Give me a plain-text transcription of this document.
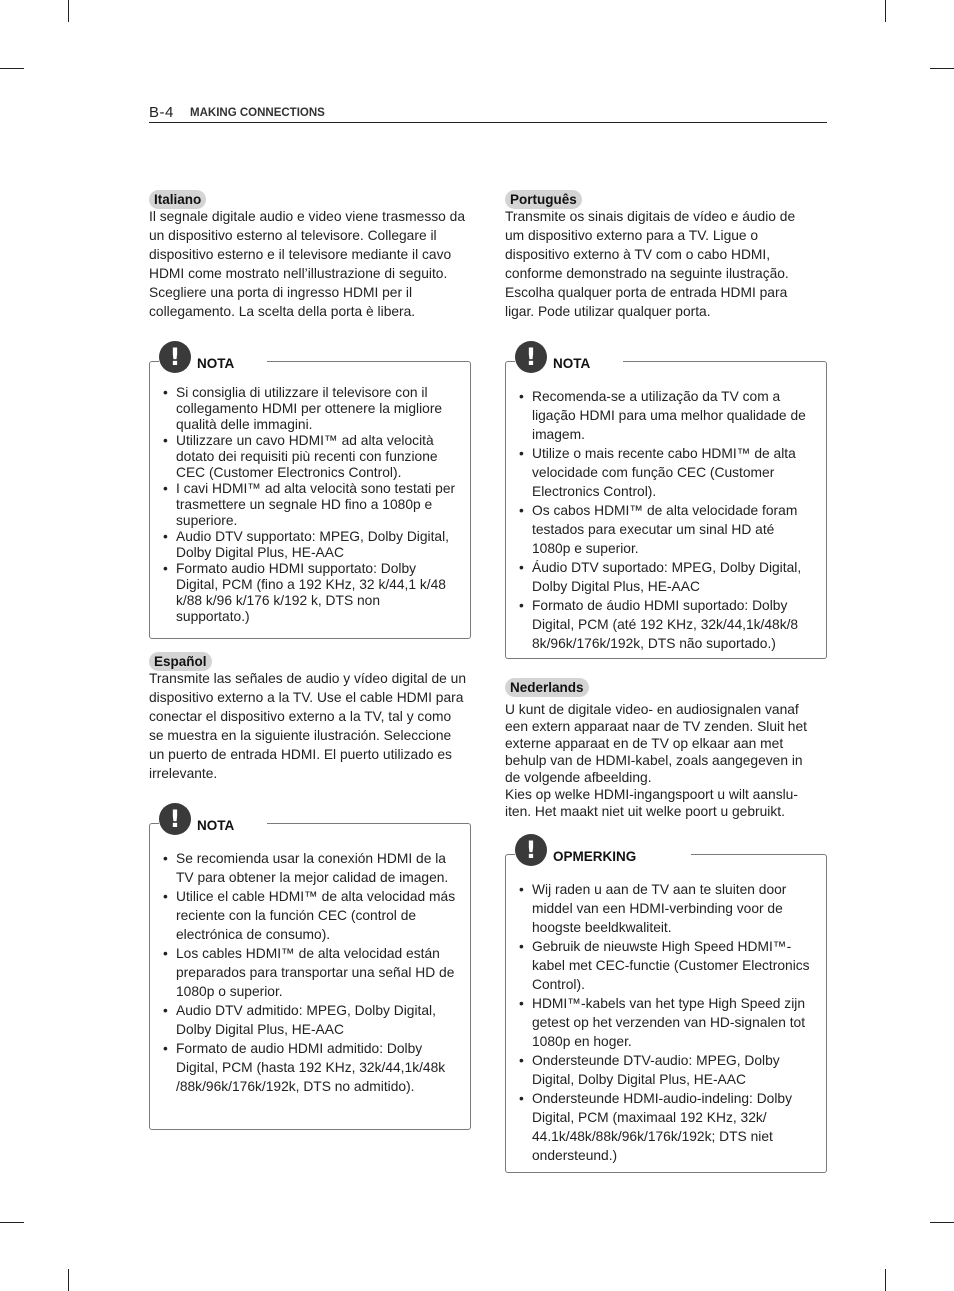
B-4 MAKING CONNECTIONS
Italiano

Il segnale digitale audio e video viene trasmesso da un dispositivo esterno al televisore. Collegare il dispositivo esterno e il televisore mediante il cavo HDMI come mostrato nell’illustrazione di seguito. Scegliere una porta di ingresso HDMI per il collegamento. La scelta della porta è libera.

!	NOTA
• Si consiglia di utilizzare il televisore con il collegamento HDMI per ottenere la migliore qualità delle immagini.
• Utilizzare un cavo HDMI™ ad alta velocità dotato dei requisiti più recenti con funzione CEC (Customer Electronics Control).
• I cavi HDMI™ ad alta velocità sono testati per trasmettere un segnale HD fino a 1080p e superiore.
• Audio DTV supportato: MPEG, Dolby Digital, Dolby Digital Plus, HE-AAC
• Formato audio HDMI supportato: Dolby Digital, PCM (fino a 192 KHz, 32 k/44,1 k/48 k/88 k/96 k/176 k/192 k, DTS non supportato.)
Español

Transmite las señales de audio y vídeo digital de un dispositivo externo a la TV. Use el cable HDMI para conectar el dispositivo externo a la TV, tal y como se muestra en la siguiente ilustración. Seleccione un puerto de entrada HDMI. El puerto utilizado es irrelevante.

!	NOTA
• Se recomienda usar la conexión HDMI de la TV para obtener la mejor calidad de imagen.
• Utilice el cable HDMI™ de alta velocidad más reciente con la función CEC (control de electrónica de consumo).
• Los cables HDMI™ de alta velocidad están preparados para transportar una señal HD de 1080p o superior.
• Audio DTV admitido: MPEG, Dolby Digital, Dolby Digital Plus, HE-AAC
• Formato de audio HDMI admitido: Dolby Digital, PCM (hasta 192 KHz, 32k/44,1k/48k /88k/96k/176k/192k, DTS no admitido).
Português

Transmite os sinais digitais de vídeo e áudio de um dispositivo externo para a TV. Ligue o dispositivo externo à TV com o cabo HDMI, conforme demonstrado na seguinte ilustração. Escolha qualquer porta de entrada HDMI para ligar. Pode utilizar qualquer porta.

!	NOTA
• Recomenda-se a utilização da TV com a ligação HDMI para uma melhor qualidade de imagem.
• Utilize o mais recente cabo HDMI™ de alta velocidade com função CEC (Customer Electronics Control).
• Os cabos HDMI™ de alta velocidade foram testados para executar um sinal HD até 1080p e superior.
• Áudio DTV suportado: MPEG, Dolby Digital, Dolby Digital Plus, HE-AAC
• Formato de áudio HDMI suportado: Dolby Digital, PCM (até 192 KHz, 32k/44,1k/48k/8 8k/96k/176k/192k, DTS não suportado.)
Nederlands

U kunt de digitale video- en audiosignalen vanaf een extern apparaat naar de TV zenden. Sluit het externe apparaat en de TV op elkaar aan met behulp van de HDMI-kabel, zoals aangegeven in de volgende afbeelding.

Kies op welke HDMI-ingangspoort u wilt aanslu-iten. Het maakt niet uit welke poort u gebruikt.

!	OPMERKING
• Wij raden u aan de TV aan te sluiten door middel van een HDMI-verbinding voor de hoogste beeldkwaliteit.
• Gebruik de nieuwste High Speed HDMI™-kabel met CEC-functie (Customer Electronics Control).
• HDMI™-kabels van het type High Speed zijn getest op het verzenden van HD-signalen tot 1080p en hoger.
• Ondersteunde DTV-audio: MPEG, Dolby Digital, Dolby Digital Plus, HE-AAC
• Ondersteunde HDMI-audio-indeling: Dolby Digital, PCM (maximaal 192 KHz, 32k/ 44.1k/48k/88k/96k/176k/192k; DTS niet ondersteund.)
